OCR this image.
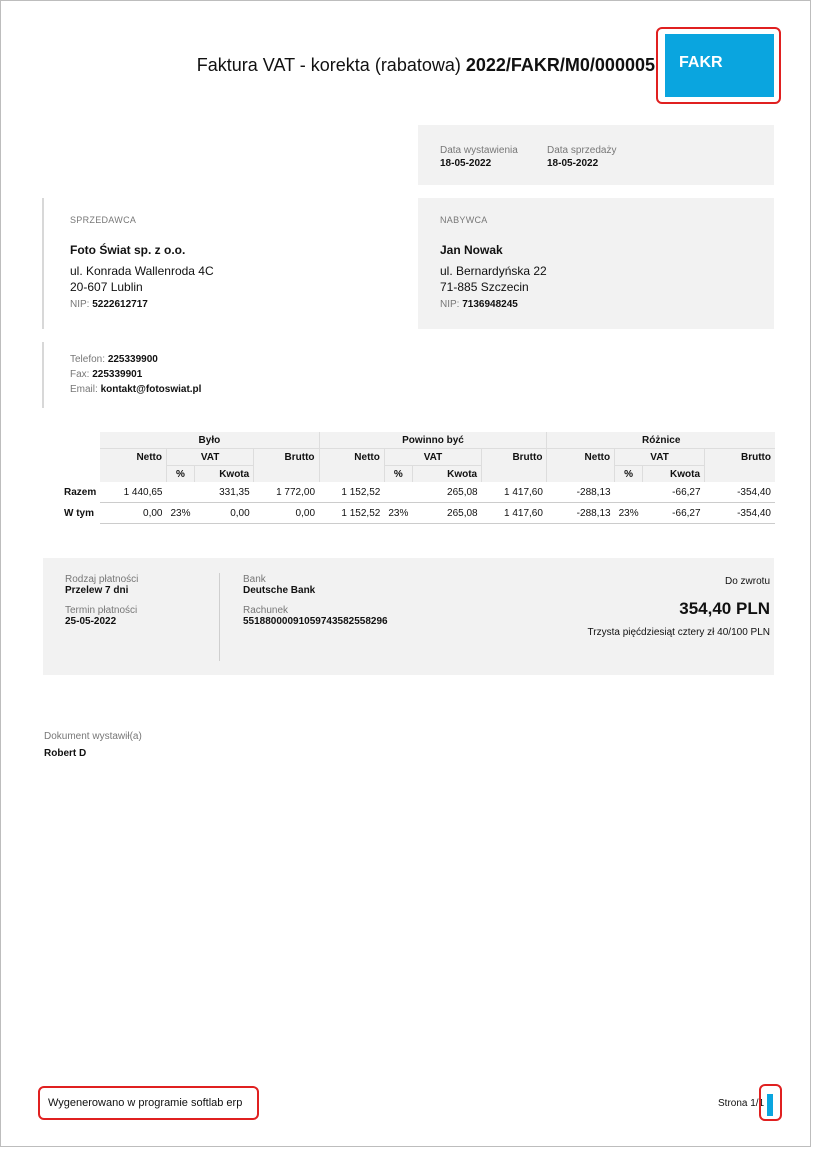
Faktura VAT - korekta (rabatowa) 2022/FAKR/M0/000005	FAKR
Data wystawienia
18-05-2022
Data sprzedaży
18-05-2022
SPRZEDAWCA
Foto Świat sp. z o.o.
ul. Konrada Wallenroda 4C
20-607 Lublin
NIP: 5222612717
NABYWCA
Jan Nowak
ul. Bernardyńska 22
71-885 Szczecin
NIP: 7136948245
Telefon: 225339900
Fax: 225339901
Email: kontakt@fotoswiat.pl
	Było				Powinno być				Różnice			
	Netto	VAT		Brutto	Netto	VAT		Brutto	Netto	VAT		Brutto
		%	Kwota			%	Kwota			%	Kwota	
Razem	1 440,65		331,35	1 772,00	1 152,52		265,08	1 417,60	-288,13		-66,27	-354,40
W tym	0,00	23%	0,00	0,00	1 152,52	23%	265,08	1 417,60	-288,13	23%	-66,27	-354,40
Rodzaj płatności
Przelew 7 dni
Termin płatności
25-05-2022
Bank
Deutsche Bank
Rachunek
55188000091059743582558296
Do zwrotu
354,40 PLN
Trzysta pięćdziesiąt cztery zł 40/100 PLN
Dokument wystawił(a)
Robert D
Wygenerowano w programie softlab erp	Strona 1/1
